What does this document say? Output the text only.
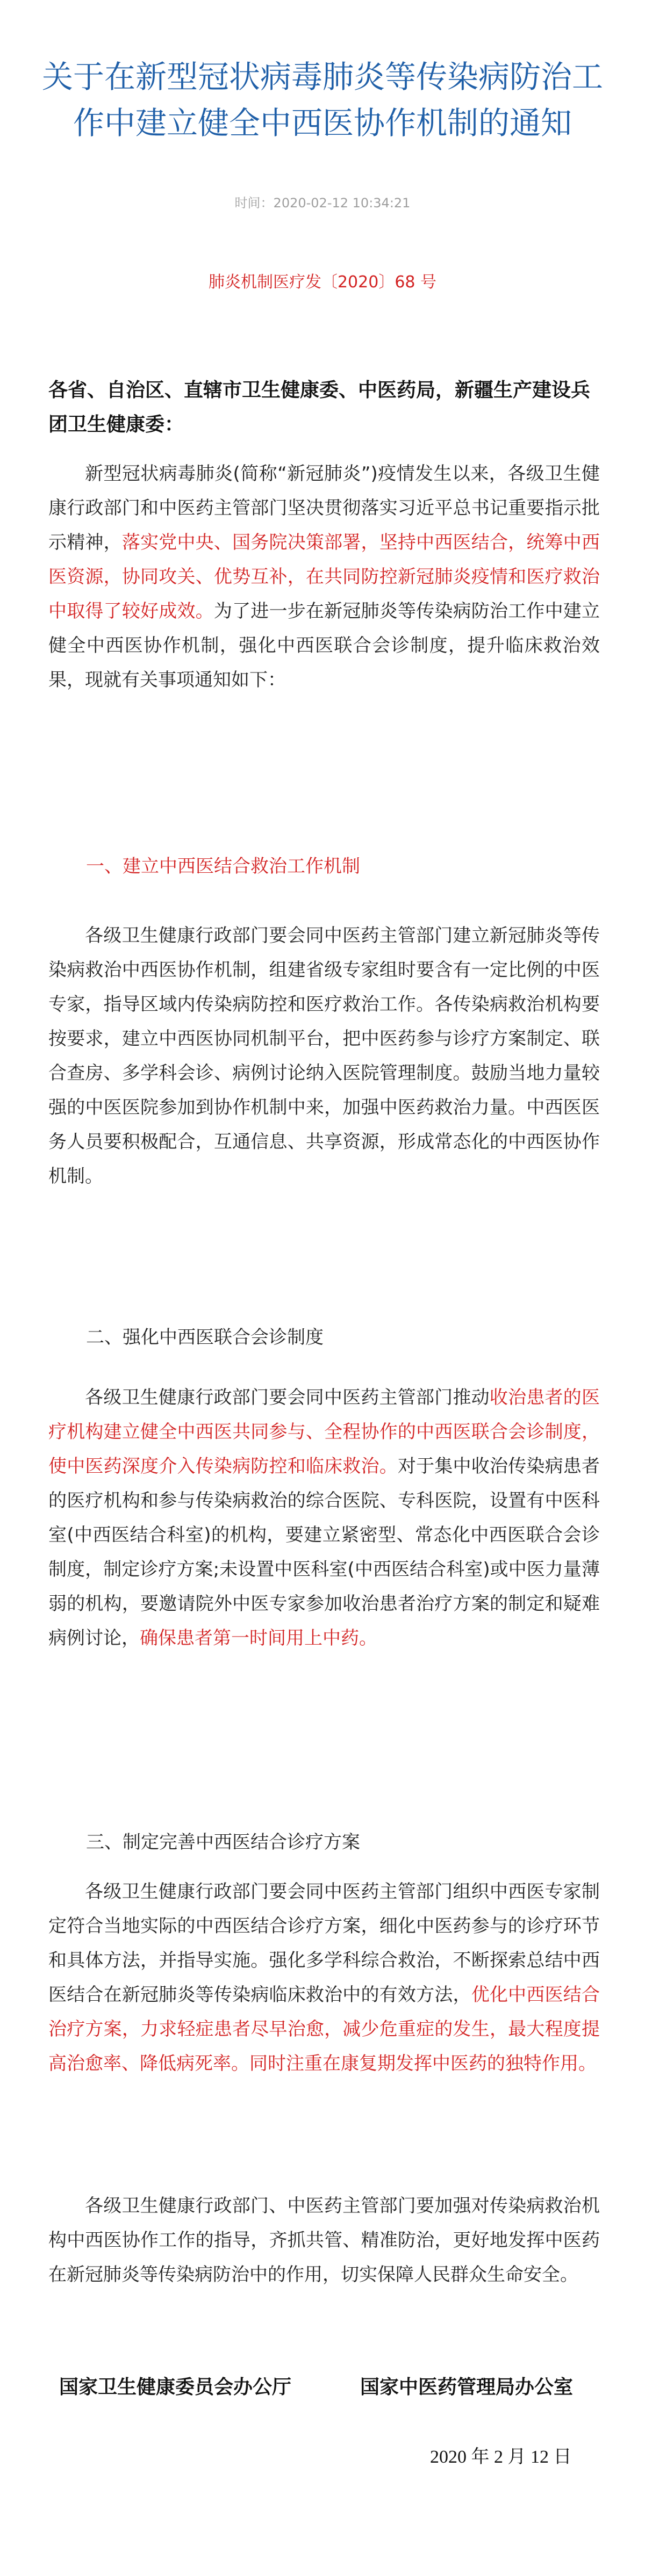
关于在新型冠状病毒肺炎等传染病防治工作中建立健全中西医协作机制的通知
时间：2020-02-12 10:34:21
肺炎机制医疗发〔2020〕68 号
各省、自治区、直辖市卫生健康委、中医药局，新疆生产建设兵团卫生健康委：
新型冠状病毒肺炎(简称“新冠肺炎”)疫情发生以来，各级卫生健康行政部门和中医药主管部门坚决贯彻落实习近平总书记重要指示批示精神，落实党中央、国务院决策部署，坚持中西医结合，统筹中西医资源，协同攻关、优势互补，在共同防控新冠肺炎疫情和医疗救治中取得了较好成效。为了进一步在新冠肺炎等传染病防治工作中建立健全中西医协作机制，强化中西医联合会诊制度，提升临床救治效果，现就有关事项通知如下：
一、建立中西医结合救治工作机制
各级卫生健康行政部门要会同中医药主管部门建立新冠肺炎等传染病救治中西医协作机制，组建省级专家组时要含有一定比例的中医专家，指导区域内传染病防控和医疗救治工作。各传染病救治机构要按要求，建立中西医协同机制平台，把中医药参与诊疗方案制定、联合查房、多学科会诊、病例讨论纳入医院管理制度。鼓励当地力量较强的中医医院参加到协作机制中来，加强中医药救治力量。中西医医务人员要积极配合，互通信息、共享资源，形成常态化的中西医协作机制。
二、强化中西医联合会诊制度
各级卫生健康行政部门要会同中医药主管部门推动收治患者的医疗机构建立健全中西医共同参与、全程协作的中西医联合会诊制度，使中医药深度介入传染病防控和临床救治。对于集中收治传染病患者的医疗机构和参与传染病救治的综合医院、专科医院，设置有中医科室(中西医结合科室)的机构，要建立紧密型、常态化中西医联合会诊制度，制定诊疗方案;未设置中医科室(中西医结合科室)或中医力量薄弱的机构，要邀请院外中医专家参加收治患者治疗方案的制定和疑难病例讨论，确保患者第一时间用上中药。
三、制定完善中西医结合诊疗方案
各级卫生健康行政部门要会同中医药主管部门组织中西医专家制定符合当地实际的中西医结合诊疗方案，细化中医药参与的诊疗环节和具体方法，并指导实施。强化多学科综合救治，不断探索总结中西医结合在新冠肺炎等传染病临床救治中的有效方法，优化中西医结合治疗方案，力求轻症患者尽早治愈，减少危重症的发生，最大程度提高治愈率、降低病死率。同时注重在康复期发挥中医药的独特作用。
各级卫生健康行政部门、中医药主管部门要加强对传染病救治机构中西医协作工作的指导，齐抓共管、精准防治，更好地发挥中医药在新冠肺炎等传染病防治中的作用，切实保障人民群众生命安全。
国家卫生健康委员会办公厅	国家中医药管理局办公室
2020 年 2 月 12 日
